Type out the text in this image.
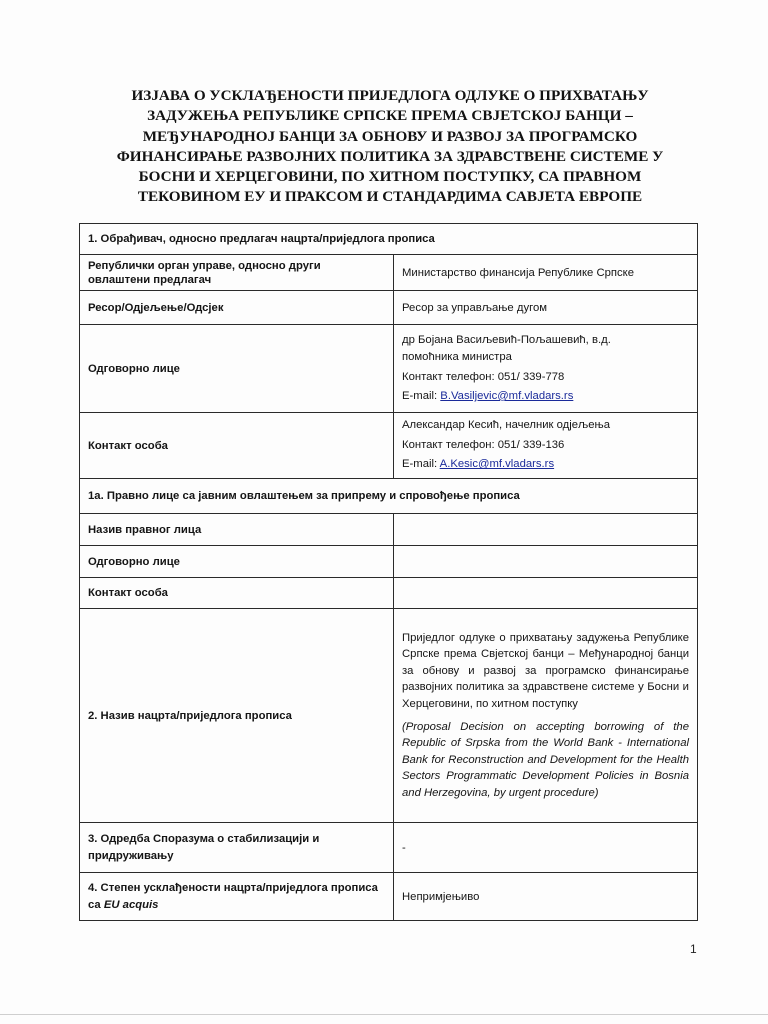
ИЗЈАВА О УСКЛАЂЕНОСТИ ПРИЈЕДЛОГА ОДЛУКЕ О ПРИХВАТАЊУ
ЗАДУЖЕЊА РЕПУБЛИКЕ СРПСКЕ ПРЕМА СВЈЕТСКОЈ БАНЦИ –
МЕЂУНАРОДНОЈ БАНЦИ ЗА ОБНОВУ И РАЗВОЈ ЗА ПРОГРАМСКО
ФИНАНСИРАЊЕ РАЗВОЈНИХ ПОЛИТИКА ЗА ЗДРАВСТВЕНЕ СИСТЕМЕ У
БОСНИ И ХЕРЦЕГОВИНИ, ПО ХИТНОМ ПОСТУПКУ, СА ПРАВНОМ
ТЕКОВИНОМ ЕУ И ПРАКСОМ И СТАНДАРДИМА САВЈЕТА ЕВРОПЕ
1. Обрађивач, односно предлагач нацрта/приједлога прописа	
Републички орган управе, односно други овлаштени предлагач	Министарство финансија Републике Српске
Ресор/Одјељење/Одсјек	Ресор за управљање дугом
Одговорно лице	др Бојана Васиљевић-Пољашевић, в.д.
помоћника министра
Контакт телефон: 051/ 339-778
E-mail: B.Vasiljevic@mf.vladars.rs

Контакт особа	Александар Кесић, начелник одјељења
Контакт телефон: 051/ 339-136
E-mail: A.Kesic@mf.vladars.rs

1а. Правно лице са јавним овлаштењем за припрему и спровођење прописа	
Назив правног лица	
Одговорно лице	
Контакт особа	
2. Назив нацрта/приједлога прописа	Приједлог одлуке о прихватању задужења Републике Српске према Свјетској банци – Међународној банци за обнову и развој за програмско финансирање развојних политика за здравствене системе у Босни и Херцеговини, по хитном поступку
(Proposal Decision on accepting borrowing of the Republic of Srpska from the World Bank - International Bank for Reconstruction and Development for the Health Sectors Programmatic Development Policies in Bosnia and Herzegovina, by urgent procedure)

3. Одредба Споразума о стабилизацији и придруживању	-
4. Степен усклађености нацрта/приједлога прописа са EU acquis	Непримјењиво
1
